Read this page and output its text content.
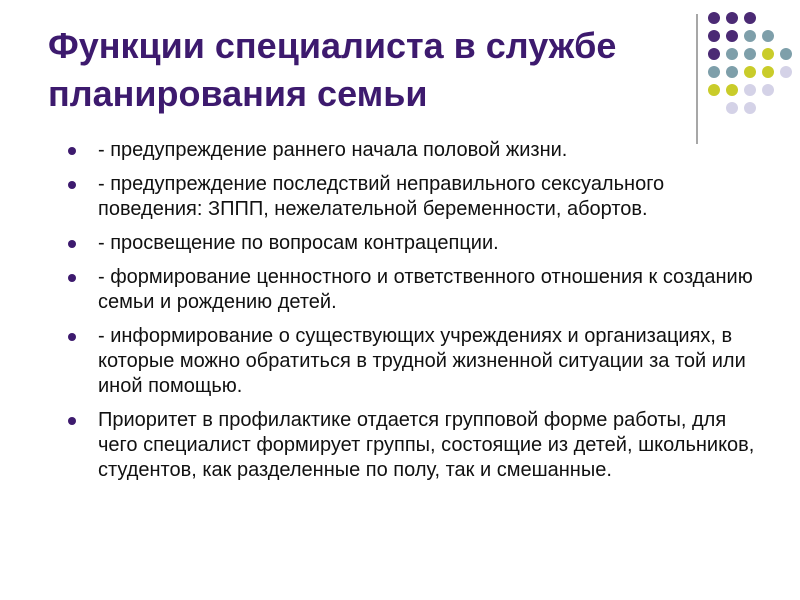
Функции специалиста в службе планирования семьи
- предупреждение раннего начала половой жизни.
- предупреждение последствий неправильного сексуального поведения: ЗППП, нежелательной беременности, абортов.
- просвещение по вопросам контрацепции.
- формирование ценностного и ответственного отношения к созданию семьи и рождению детей.
- информирование о существующих учреждениях и организациях, в которые можно обратиться в трудной жизненной ситуации за той или иной помощью.
Приоритет в профилактике отдается групповой форме работы, для чего специалист формирует группы, состоящие из детей, школьников, студентов, как разделенные по полу, так и смешанные.
